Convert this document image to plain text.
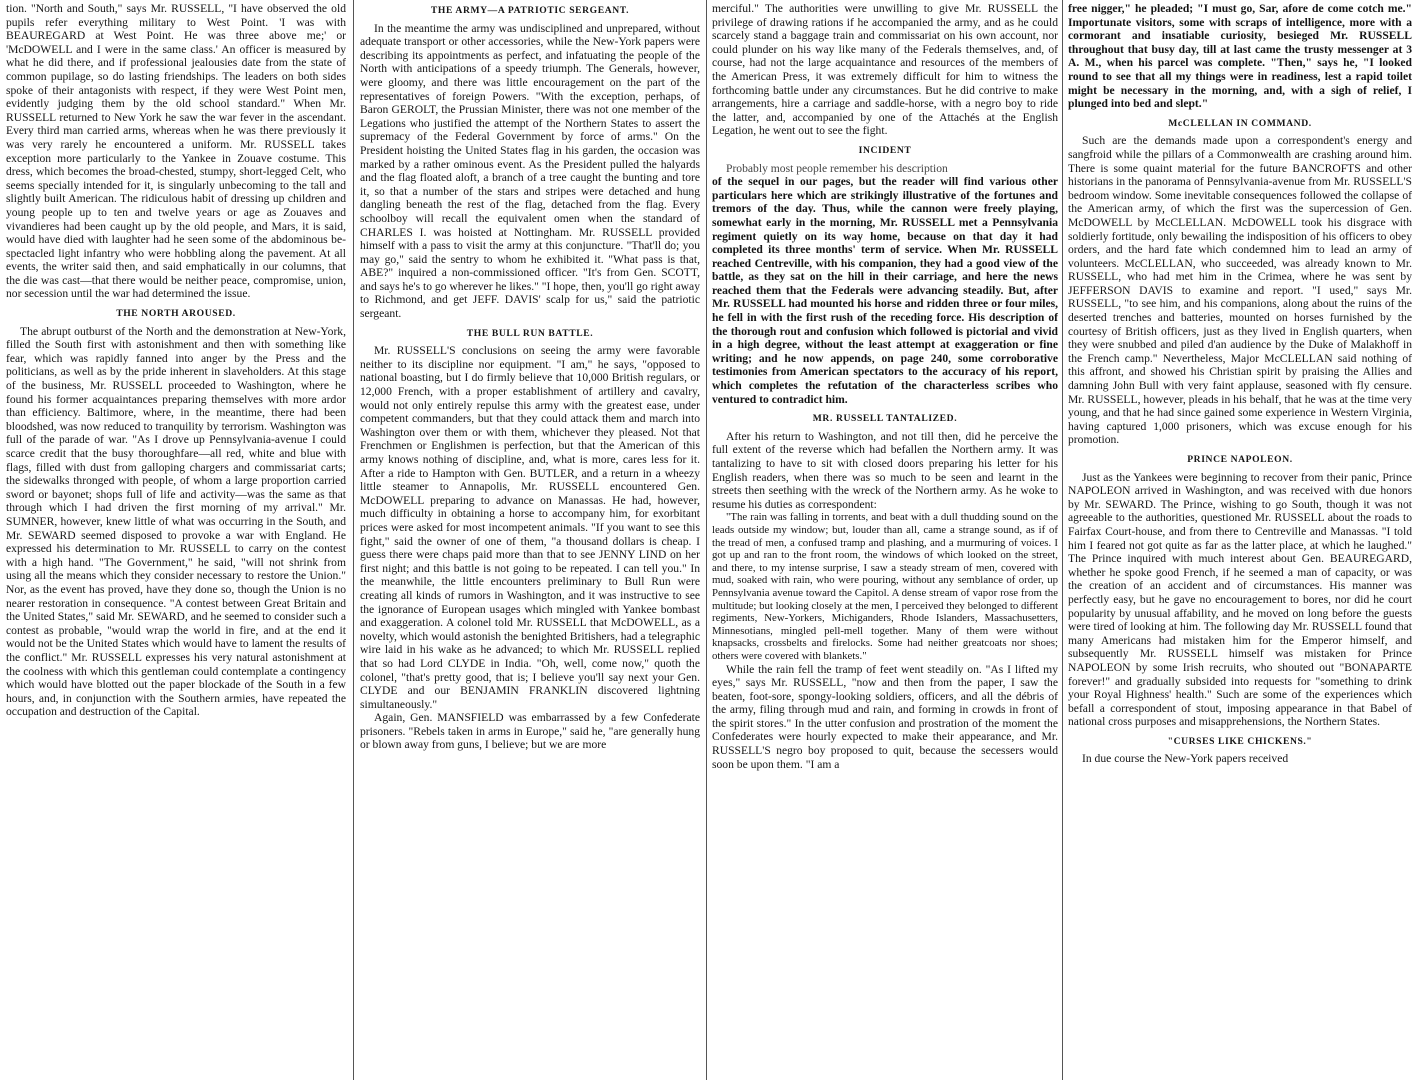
tion. "North and South," says Mr. RUSSELL, "I have observed the old pupils refer everything military to West Point. 'I was with BEAUREGARD at West Point. He was three above me;' or 'McDOWELL and I were in the same class.' An officer is measured by what he did there, and if professional jealousies date from the state of common pupilage, so do lasting friendships. The leaders on both sides spoke of their antagonists with respect, if they were West Point men, evidently judging them by the old school standard." When Mr. RUSSELL returned to New York he saw the war fever in the ascendant. Every third man carried arms, whereas when he was there previously it was very rarely he encountered a uniform. Mr. RUSSELL takes exception more particularly to the Yankee in Zouave costume. This dress, which becomes the broad-chested, stumpy, short-legged Celt, who seems specially intended for it, is singularly unbecoming to the tall and slightly built American. The ridiculous habit of dressing up children and young people up to ten and twelve years or age as Zouaves and vivandieres had been caught up by the old people, and Mars, it is said, would have died with laughter had he seen some of the abdominous be-spectacled light infantry who were hobbling along the pavement. At all events, the writer said then, and said emphatically in our columns, that the die was cast—that there would be neither peace, compromise, union, nor secession until the war had determined the issue.

THE NORTH AROUSED.

The abrupt outburst of the North and the demonstration at New-York, filled the South first with astonishment and then with something like fear, which was rapidly fanned into anger by the Press and the politicians, as well as by the pride inherent in slaveholders. At this stage of the business, Mr. RUSSELL proceeded to Washington, where he found his former acquaintances preparing themselves with more ardor than efficiency. Baltimore, where, in the meantime, there had been bloodshed, was now reduced to tranquility by terrorism. Washington was full of the parade of war. "As I drove up Pennsylvania-avenue I could scarce credit that the busy thoroughfare—all red, white and blue with flags, filled with dust from galloping chargers and commissariat carts; the sidewalks thronged with people, of whom a large proportion carried sword or bayonet; shops full of life and activity—was the same as that through which I had driven the first morning of my arrival." Mr. SUMNER, however, knew little of what was occurring in the South, and Mr. SEWARD seemed disposed to provoke a war with England. He expressed his determination to Mr. RUSSELL to carry on the contest with a high hand. "The Government," he said, "will not shrink from using all the means which they consider necessary to restore the Union." Nor, as the event has proved, have they done so, though the Union is no nearer restoration in consequence. "A contest between Great Britain and the United States," said Mr. SEWARD, and he seemed to consider such a contest as probable, "would wrap the world in fire, and at the end it would not be the United States which would have to lament the results of the conflict." Mr. RUSSELL expresses his very natural astonishment at the coolness with which this gentleman could contemplate a contingency which would have blotted out the paper blockade of the South in a few hours, and, in conjunction with the Southern armies, have repeated the occupation and destruction of the Capital.

THE ARMY—A PATRIOTIC SERGEANT.

In the meantime the army was undisciplined and unprepared, without adequate transport or other accessories, while the New-York papers were describing its appointments as perfect, and infatuating the people of the North with anticipations of a speedy triumph. The Generals, however, were gloomy, and there was little encouragement on the part of the representatives of foreign Powers. "With the exception, perhaps, of Baron GEROLT, the Prussian Minister, there was not one member of the Legations who justified the attempt of the Northern States to assert the supremacy of the Federal Government by force of arms." On the President hoisting the United States flag in his garden, the occasion was marked by a rather ominous event. As the President pulled the halyards and the flag floated aloft, a branch of a tree caught the bunting and tore it, so that a number of the stars and stripes were detached and hung dangling beneath the rest of the flag, detached from the flag. Every schoolboy will recall the equivalent omen when the standard of CHARLES I. was hoisted at Nottingham. Mr. RUSSELL provided himself with a pass to visit the army at this conjuncture. "That'll do; you may go," said the sentry to whom he exhibited it. "What pass is that, ABE?" inquired a non-commissioned officer. "It's from Gen. SCOTT, and says he's to go wherever he likes." "I hope, then, you'll go right away to Richmond, and get JEFF. DAVIS' scalp for us," said the patriotic sergeant.

THE BULL RUN BATTLE.

Mr. RUSSELL'S conclusions on seeing the army were favorable neither to its discipline nor equipment. "I am," he says, "opposed to national boasting, but I do firmly believe that 10,000 British regulars, or 12,000 French, with a proper establishment of artillery and cavalry, would not only entirely repulse this army with the greatest ease, under competent commanders, but that they could attack them and march into Washington over them or with them, whichever they pleased. Not that Frenchmen or Englishmen is perfection, but that the American of this army knows nothing of discipline, and, what is more, cares less for it. After a ride to Hampton with Gen. BUTLER, and a return in a wheezy little steamer to Annapolis, Mr. RUSSELL encountered Gen. McDOWELL preparing to advance on Manassas. He had, however, much difficulty in obtaining a horse to accompany him, for exorbitant prices were asked for most incompetent animals. "If you want to see this fight," said the owner of one of them, "a thousand dollars is cheap. I guess there were chaps paid more than that to see JENNY LIND on her first night; and this battle is not going to be repeated. I can tell you." In the meanwhile, the little encounters preliminary to Bull Run were creating all kinds of rumors in Washington, and it was instructive to see the ignorance of European usages which mingled with Yankee bombast and exaggeration. A colonel told Mr. RUSSELL that McDOWELL, as a novelty, which would astonish the benighted Britishers, had a telegraphic wire laid in his wake as he advanced; to which Mr. RUSSELL replied that so had Lord CLYDE in India. "Oh, well, come now," quoth the colonel, "that's pretty good, that is; I believe you'll say next your Gen. CLYDE and our BENJAMIN FRANKLIN discovered lightning simultaneously."

Again, Gen. MANSFIELD was embarrassed by a few Confederate prisoners. "Rebels taken in arms in Europe," said he, "are generally hung or blown away from guns, I believe; but we are more

merciful." The authorities were unwilling to give Mr. RUSSELL the privilege of drawing rations if he accompanied the army, and as he could scarcely stand a baggage train and commissariat on his own account, nor could plunder on his way like many of the Federals themselves, and, of course, had not the large acquaintance and resources of the members of the American Press, it was extremely difficult for him to witness the forthcoming battle under any circumstances. But he did contrive to make arrangements, hire a carriage and saddle-horse, with a negro boy to ride the latter, and, accompanied by one of the Attachés at the English Legation, he went out to see the fight.

INCIDENT

Probably most people remember his description

of the sequel in our pages, but the reader will find various other particulars here which are strikingly illustrative of the fortunes and tremors of the day. Thus, while the cannon were freely playing, somewhat early in the morning, Mr. RUSSELL met a Pennsylvania regiment quietly on its way home, because on that day it had completed its three months' term of service. When Mr. RUSSELL reached Centreville, with his companion, they had a good view of the battle, as they sat on the hill in their carriage, and here the news reached them that the Federals were advancing steadily. But, after Mr. RUSSELL had mounted his horse and ridden three or four miles, he fell in with the first rush of the receding force. His description of the thorough rout and confusion which followed is pictorial and vivid in a high degree, without the least attempt at exaggeration or fine writing; and he now appends, on page 240, some corroborative testimonies from American spectators to the accuracy of his report, which completes the refutation of the characterless scribes who ventured to contradict him.

MR. RUSSELL TANTALIZED.

After his return to Washington, and not till then, did he perceive the full extent of the reverse which had befallen the Northern army. It was tantalizing to have to sit with closed doors preparing his letter for his English readers, when there was so much to be seen and learnt in the streets then seething with the wreck of the Northern army. As he woke to resume his duties as correspondent:

"The rain was falling in torrents, and beat with a dull thudding sound on the leads outside my window; but, louder than all, came a strange sound, as if of the tread of men, a confused tramp and plashing, and a murmuring of voices. I got up and ran to the front room, the windows of which looked on the street, and there, to my intense surprise, I saw a steady stream of men, covered with mud, soaked with rain, who were pouring, without any semblance of order, up Pennsylvania avenue toward the Capitol. A dense stream of vapor rose from the multitude; but looking closely at the men, I perceived they belonged to different regiments, New-Yorkers, Michiganders, Rhode Islanders, Massachusetters, Minnesotians, mingled pell-mell together. Many of them were without knapsacks, crossbelts and firelocks. Some had neither greatcoats nor shoes; others were covered with blankets."

While the rain fell the tramp of feet went steadily on. "As I lifted my eyes," says Mr. RUSSELL, "now and then from the paper, I saw the beaten, foot-sore, spongy-looking soldiers, officers, and all the débris of the army, filing through mud and rain, and forming in crowds in front of the spirit stores." In the utter confusion and prostration of the moment the Confederates were hourly expected to make their appearance, and Mr. RUSSELL'S negro boy proposed to quit, because the secessers would soon be upon them. "I am a

free nigger," he pleaded; "I must go, Sar, afore de come cotch me." Importunate visitors, some with scraps of intelligence, more with a cormorant and insatiable curiosity, besieged Mr. RUSSELL throughout that busy day, till at last came the trusty messenger at 3 A. M., when his parcel was complete. "Then," says he, "I looked round to see that all my things were in readiness, lest a rapid toilet might be necessary in the morning, and, with a sigh of relief, I plunged into bed and slept."

McCLELLAN IN COMMAND.

Such are the demands made upon a correspondent's energy and sangfroid while the pillars of a Commonwealth are crashing around him. There is some quaint material for the future BANCROFTS and other historians in the panorama of Pennsylvania-avenue from Mr. RUSSELL'S bedroom window. Some inevitable consequences followed the collapse of the American army, of which the first was the supercession of Gen. McDOWELL by McCLELLAN. McDOWELL took his disgrace with soldierly fortitude, only bewailing the indisposition of his officers to obey orders, and the hard fate which condemned him to lead an army of volunteers. McCLELLAN, who succeeded, was already known to Mr. RUSSELL, who had met him in the Crimea, where he was sent by JEFFERSON DAVIS to examine and report. "I used," says Mr. RUSSELL, "to see him, and his companions, along about the ruins of the deserted trenches and batteries, mounted on horses furnished by the courtesy of British officers, just as they lived in English quarters, when they were snubbed and piled d'an audience by the Duke of Malakhoff in the French camp." Nevertheless, Major McCLELLAN said nothing of this affront, and showed his Christian spirit by praising the Allies and damning John Bull with very faint applause, seasoned with fly censure. Mr. RUSSELL, however, pleads in his behalf, that he was at the time very young, and that he had since gained some experience in Western Virginia, having captured 1,000 prisoners, which was excuse enough for his promotion.

PRINCE NAPOLEON.

Just as the Yankees were beginning to recover from their panic, Prince NAPOLEON arrived in Washington, and was received with due honors by Mr. SEWARD. The Prince, wishing to go South, though it was not agreeable to the authorities, questioned Mr. RUSSELL about the roads to Fairfax Court-house, and from there to Centreville and Manassas. "I told him I feared not got quite as far as the latter place, at which he laughed." The Prince inquired with much interest about Gen. BEAUREGARD, whether he spoke good French, if he seemed a man of capacity, or was the creation of an accident and of circumstances. His manner was perfectly easy, but he gave no encouragement to bores, nor did he court popularity by unusual affability, and he moved on long before the guests were tired of looking at him. The following day Mr. RUSSELL found that many Americans had mistaken him for the Emperor himself, and subsequently Mr. RUSSELL himself was mistaken for Prince NAPOLEON by some Irish recruits, who shouted out "BONAPARTE forever!" and gradually subsided into requests for "something to drink your Royal Highness' health." Such are some of the experiences which befall a correspondent of stout, imposing appearance in that Babel of national cross purposes and misapprehensions, the Northern States.

"CURSES LIKE CHICKENS."

In due course the New-York papers received
